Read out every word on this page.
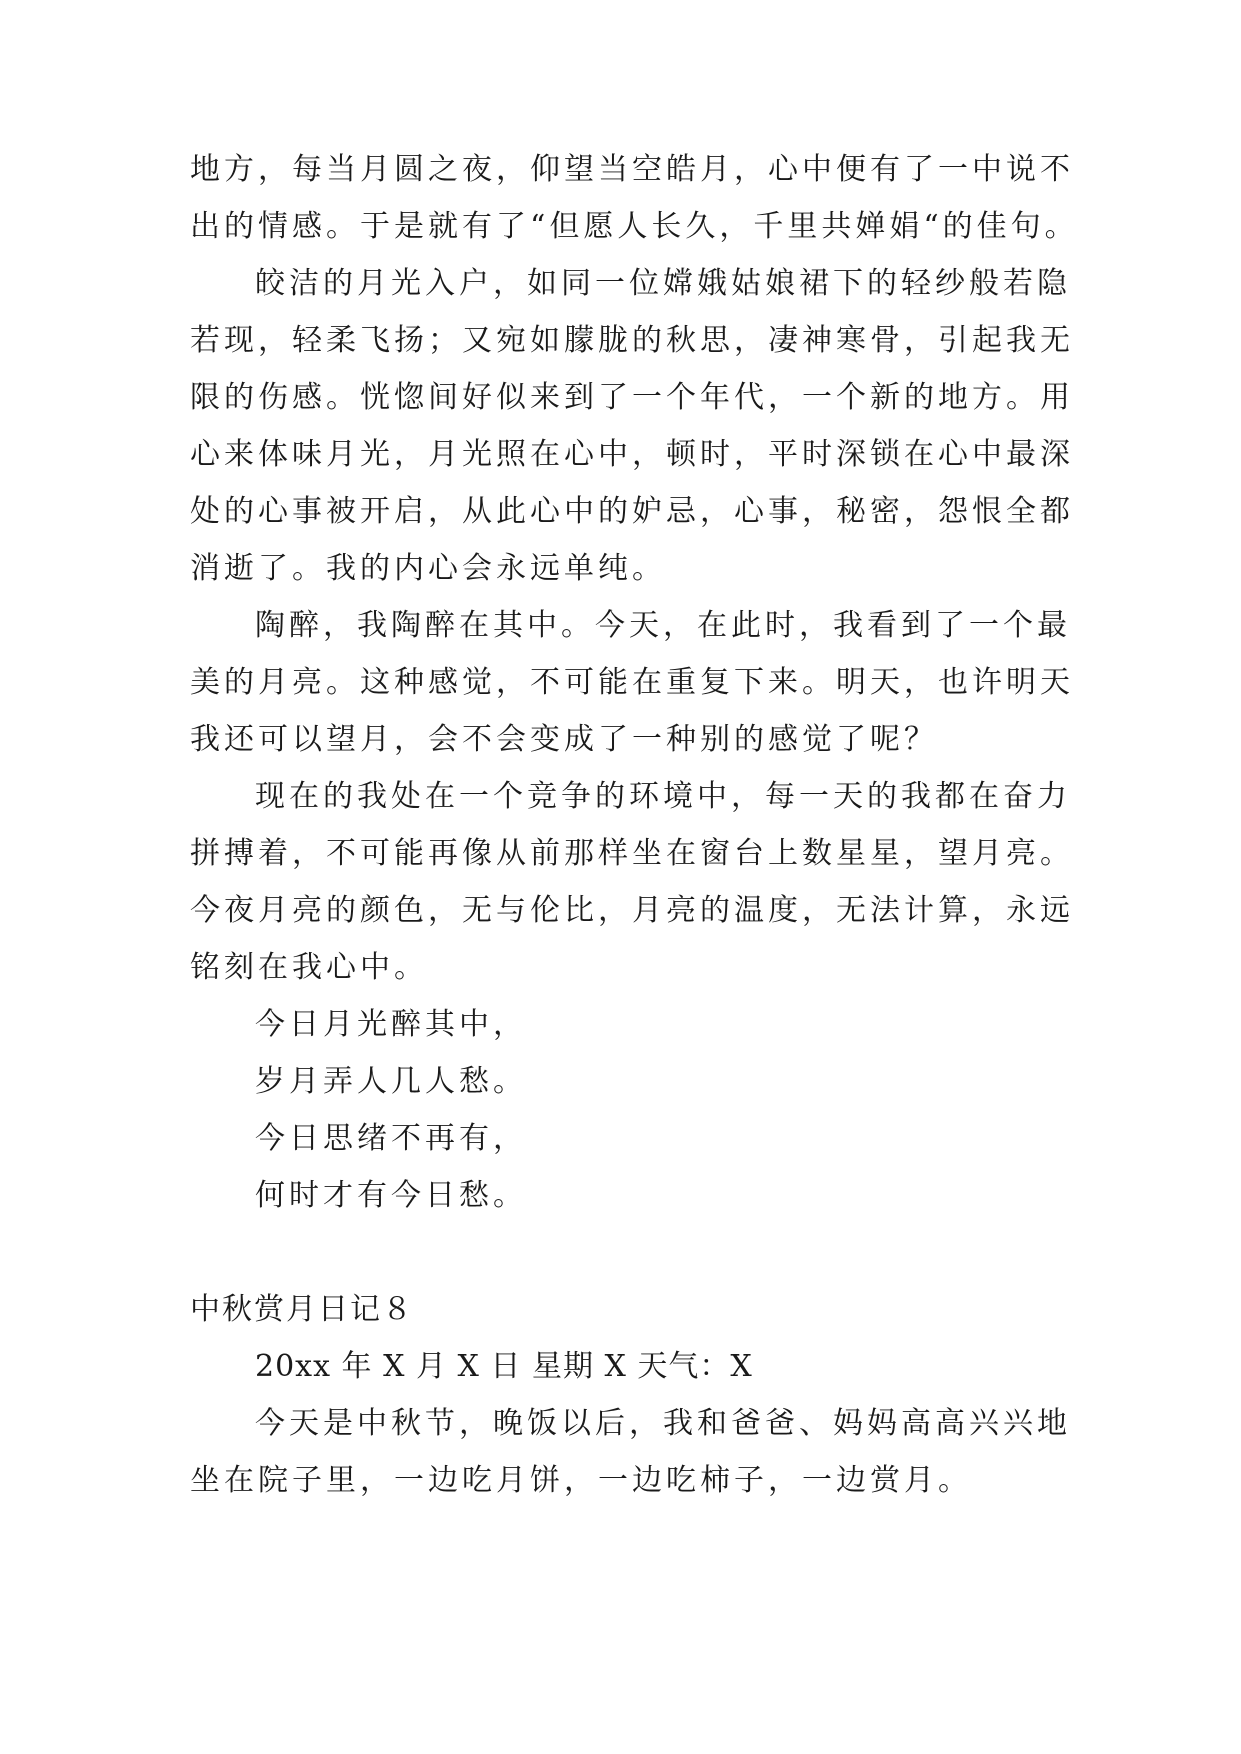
地方，每当月圆之夜，仰望当空皓月，心中便有了一中说不
出的情感。于是就有了“但愿人长久，千里共婵娟“的佳句。
皎洁的月光入户，如同一位嫦娥姑娘裙下的轻纱般若隐
若现，轻柔飞扬；又宛如朦胧的秋思，凄神寒骨，引起我无
限的伤感。恍惚间好似来到了一个年代，一个新的地方。用
心来体味月光，月光照在心中，顿时，平时深锁在心中最深
处的心事被开启，从此心中的妒忌，心事，秘密，怨恨全都
消逝了。我的内心会永远单纯。
陶醉，我陶醉在其中。今天，在此时，我看到了一个最
美的月亮。这种感觉，不可能在重复下来。明天，也许明天
我还可以望月，会不会变成了一种别的感觉了呢？
现在的我处在一个竞争的环境中，每一天的我都在奋力
拼搏着，不可能再像从前那样坐在窗台上数星星，望月亮。
今夜月亮的颜色，无与伦比，月亮的温度，无法计算，永远
铭刻在我心中。
今日月光醉其中，
岁月弄人几人愁。
今日思绪不再有，
何时才有今日愁。
中秋赏月日记８
20xx 年 X 月 X 日 星期 X 天气：X
今天是中秋节，晚饭以后，我和爸爸、妈妈高高兴兴地
坐在院子里，一边吃月饼，一边吃柿子，一边赏月。
